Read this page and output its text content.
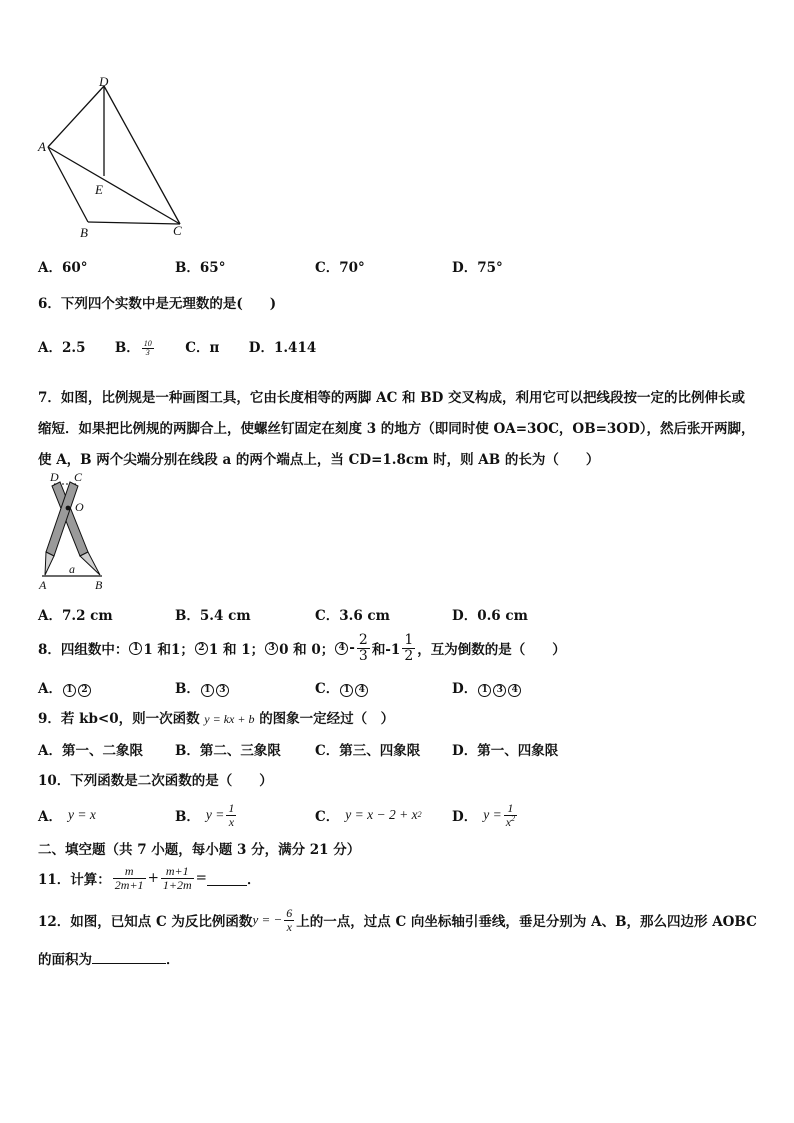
D
A
E
B	C
A．60°	B．65°	C．70°	D．75°
6．下列四个实数中是无理数的是(　　)
A．2.5 B． $\frac{10}{3}$ C．π D．1.414
7．如图，比例规是一种画图工具，它由长度相等的两脚 AC 和 BD 交叉构成，利用它可以把线段按一定的比例伸长或
缩短．如果把比例规的两脚合上，使螺丝钉固定在刻度 3 的地方（即同时使 OA=3OC，OB=3OD），然后张开两脚，
使 A，B 两个尖端分别在线段 a 的两个端点上，当 CD=1.8cm 时，则 AB 的长为（　　）
D C
O
A
a
B
A．7.2 cm	B．5.4 cm	C．3.6 cm	D．0.6 cm
8．四组数中： 1 1 和1； 2 1 和 1； 3 0 和 0； $4 - \frac{2}{3}$ 和$-1 \frac{1}{2}$ ，互为倒数的是（　　）
A． 1 2	B． 1 3	C． 1 4	D． 1 3 4
9．若 kb<0，则一次函数 y = kx + b 的图象一定经过（　）
A．第一、二象限 B．第二、三象限	C．第三、四象限 D．第一、四象限
10．下列函数是二次函数的是（　　）
A． y = x	B． $y = \frac{1}{x}$	C． y = x − 2 + x 2 D． $y = \frac{1}{x^2}$
二、填空题（共 7 小题，每小题 3 分，满分 21 分）
11．计算： $\frac{m}{2m+1} + \frac{m+1}{1+2m}$ =	．
12．如图，已知点 C 为反比例函数 y = − $\frac{6}{x}$ 上的一点，过点 C 向坐标轴引垂线，垂足分别为 A、B，那么四边形 AOBC
的面积为	．
